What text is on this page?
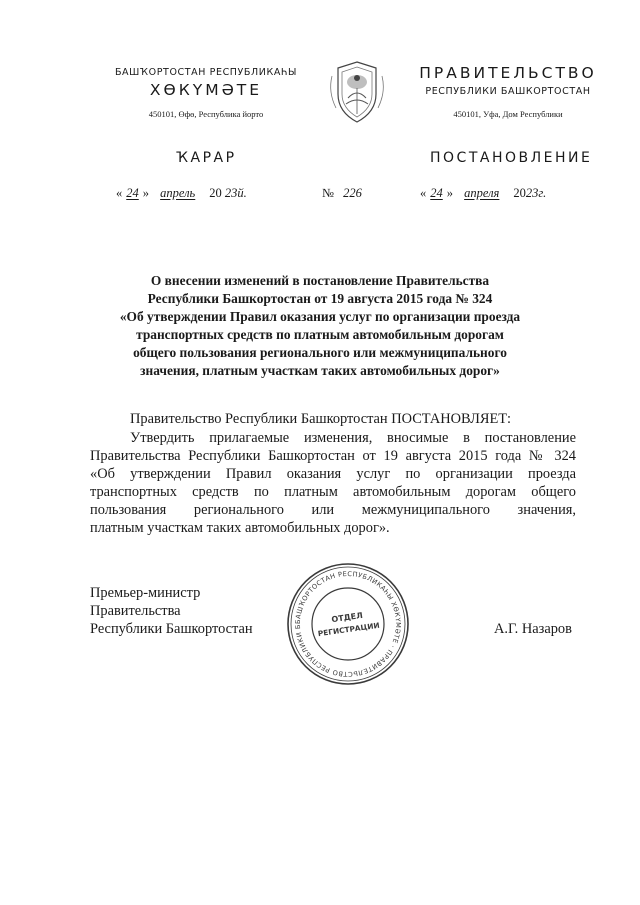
БАШҠОРТОСТАН РЕСПУБЛИКАҺЫ
ХӨКҮМӘТЕ
450101, Өфө, Республика йорто
ПРАВИТЕЛЬСТВО
РЕСПУБЛИКИ БАШКОРТОСТАН
450101, Уфа, Дом Республики
ҠАРАР	ПОСТАНОВЛЕНИЕ
« 24 » апрель 20 23й.	№ 226	« 24 » апреля 2023г.
О внесении изменений в постановление Правительства
Республики Башкортостан от 19 августа 2015 года № 324
«Об утверждении Правил оказания услуг по организации проезда
транспортных средств по платным автомобильным дорогам
общего пользования регионального или межмуниципального
значения, платным участкам таких автомобильных дорог»
Правительство Республики Башкортостан ПОСТАНОВЛЯЕТ:
Утвердить прилагаемые изменения, вносимые в постановление
Правительства Республики Башкортостан от 19 августа 2015 года № 324
«Об утверждении Правил оказания услуг по организации проезда
транспортных средств по платным автомобильным дорогам общего
пользования регионального или межмуниципального значения,
платным участкам таких автомобильных дорог».
Премьер-министр
Правительства
Республики Башкортостан	БАШҠОРТОСТАН РЕСПУБЛИКАҺЫ ХӨКҮМӘТЕ · ПРАВИТЕЛЬСТВО РЕСПУБЛИКИ Б
ОТДЕЛ
РЕГИСТРАЦИИ	А.Г. Назаров
